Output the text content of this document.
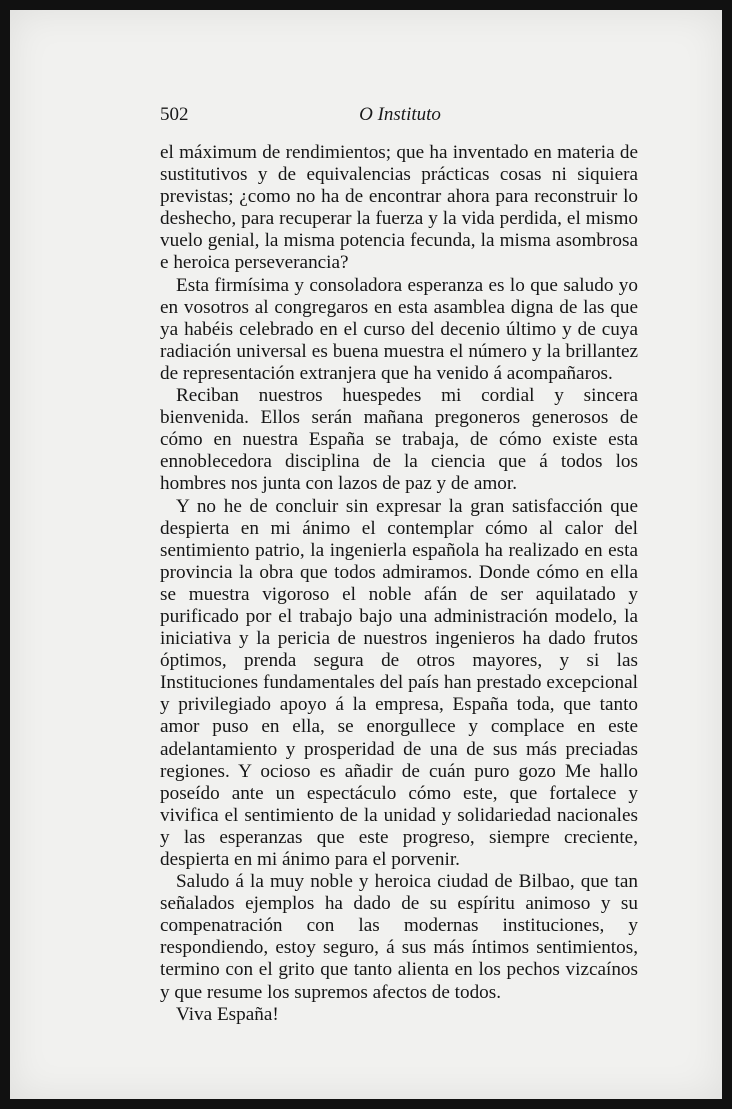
502	O Instituto

el máximum de rendimientos; que ha inventado en materia de sustitutivos y de equivalencias prácticas cosas ni siquiera previstas; ¿como no ha de encontrar ahora para reconstruir lo deshecho, para recuperar la fuerza y la vida perdida, el mismo vuelo genial, la misma potencia fecunda, la misma asombrosa e heroica perseverancia?

Esta firmísima y consoladora esperanza es lo que saludo yo en vosotros al congregaros en esta asamblea digna de las que ya habéis celebrado en el curso del decenio último y de cuya radiación universal es buena muestra el número y la brillantez de representación extranjera que ha venido á acompañaros.

Reciban nuestros huespedes mi cordial y sincera bienvenida. Ellos serán mañana pregoneros generosos de cómo en nuestra España se trabaja, de cómo existe esta ennoblecedora disciplina de la ciencia que á todos los hombres nos junta con lazos de paz y de amor.

Y no he de concluir sin expresar la gran satisfacción que despierta en mi ánimo el contemplar cómo al calor del sentimiento patrio, la ingenierla española ha realizado en esta provincia la obra que todos admiramos. Donde cómo en ella se muestra vigoroso el noble afán de ser aquilatado y purificado por el trabajo bajo una administración modelo, la iniciativa y la pericia de nuestros ingenieros ha dado frutos óptimos, prenda segura de otros mayores, y si las Instituciones fundamentales del país han prestado excepcional y privilegiado apoyo á la empresa, España toda, que tanto amor puso en ella, se enorgullece y complace en este adelantamiento y prosperidad de una de sus más preciadas regiones. Y ocioso es añadir de cuán puro gozo Me hallo poseído ante un espectáculo cómo este, que fortalece y vivifica el sentimiento de la unidad y solidariedad nacionales y las esperanzas que este progreso, siempre creciente, despierta en mi ánimo para el porvenir.

Saludo á la muy noble y heroica ciudad de Bilbao, que tan señalados ejemplos ha dado de su espíritu animoso y su compenatración con las modernas instituciones, y respondiendo, estoy seguro, á sus más íntimos sentimientos, termino con el grito que tanto alienta en los pechos vizcaínos y que resume los supremos afectos de todos.

Viva España!
